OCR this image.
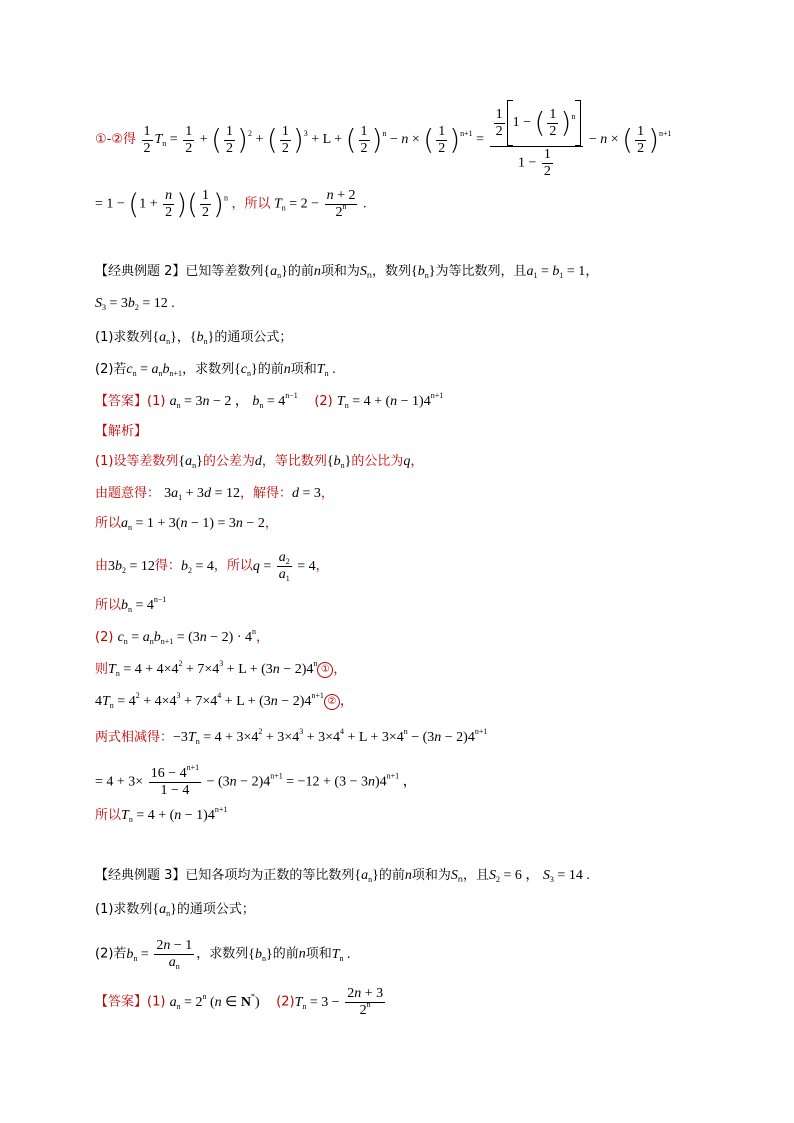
①-②得 $\frac{1}{2} T_n = \frac{1}{2}$ + ( $\frac{1}{2} )^2$ + ( $\frac{1}{2} )^3 + L$ + ( $\frac{1}{2} )^n - n$ × ( $\frac{1}{2} )^{n+1} = \frac{\frac{1}{2} 1 - ( \frac{1}{2} )^n}{1 - \frac{1}{2}} - n$ × ( $\frac{1}{2} )^{n+1}$
= $1 - (1 + \frac{n}{2}$ )( $\frac{1}{2} )^n$ ，所以 $T_n = 2 - \frac{n + 2}{2^n}$ .
【经典例题 2】已知等差数列$\{a_n\}$的前n项和为$S_n$，数列$\{b_n\}$为等比数列，且$a_1 = b_1 = 1$，
$S_3 = 3b_2 = 12$ .
(1)求数列$\{a_n\}$，$\{b_n\}$的通项公式；
(2)若$c_n = a_nb_{n+1}$，求数列$\{c_n\}$的前n项和$T_n$ .
【答案】(1) $a_n = 3n - 2$ ， $b_n = 4^{n-1}$ (2) $T_n = 4 + (n - 1)4^{n+1}$
【解析】
(1)设等差数列$\{a_n\}$的公差为d，等比数列$\{b_n\}$的公比为q，
由题意得： $3a_1 + 3d = 12$，解得：d = 3，
所以$a_n = 1 + 3(n - 1) = 3n - 2$，
由$3b_2 = 12$得：$b_2 = 4$，所以$q = \frac{a_2}{a_1} = 4$，
所以$b_n = 4^{n-1}$
(2) $c_n = a_nb_{n+1} = (3n - 2) \cdot 4^n$，
则$T_n = 4 + 4\times 4^2 + 7\times 4^3 + L + (3n - 2)4^n$ ① ，
$4T_n = 4^2 + 4\times 4^3 + 7\times 4^4 + L + (3n$ − $2)4^{n+1}②$ ，
两式相减得：$-3T_n = 4 + 3\times 4^2 + 3\times 4^3 + 3\times 4^4 + L + 3\times 4^n - (3n - 2)4^{n+1}$
= $4 + 3\times \frac{16 - 4^{n+1}}{1 - 4} - (3n - 2)4^{n+1} = -12 + (3 - 3n)4^{n+1}$ ，
所以$T_n = 4 + (n - 1)4^{n+1}$
【经典例题 3】已知各项均为正数的等比数列$\{a_n\}$的前n项和为$S_n$，且$S_2 = 6$ ， $S_3 = 14$ .
(1)求数列$\{a_n\}$的通项公式；
(2)若$b_n = \frac{2n - 1}{a_n}$ ，求数列$\{b_n\}$的前n项和$T_n$ .
【答案】(1) $a_n = 2^n$ (n ∈ N*) $(2)T_n = 3 - \frac{2n + 3}{2^n}$
